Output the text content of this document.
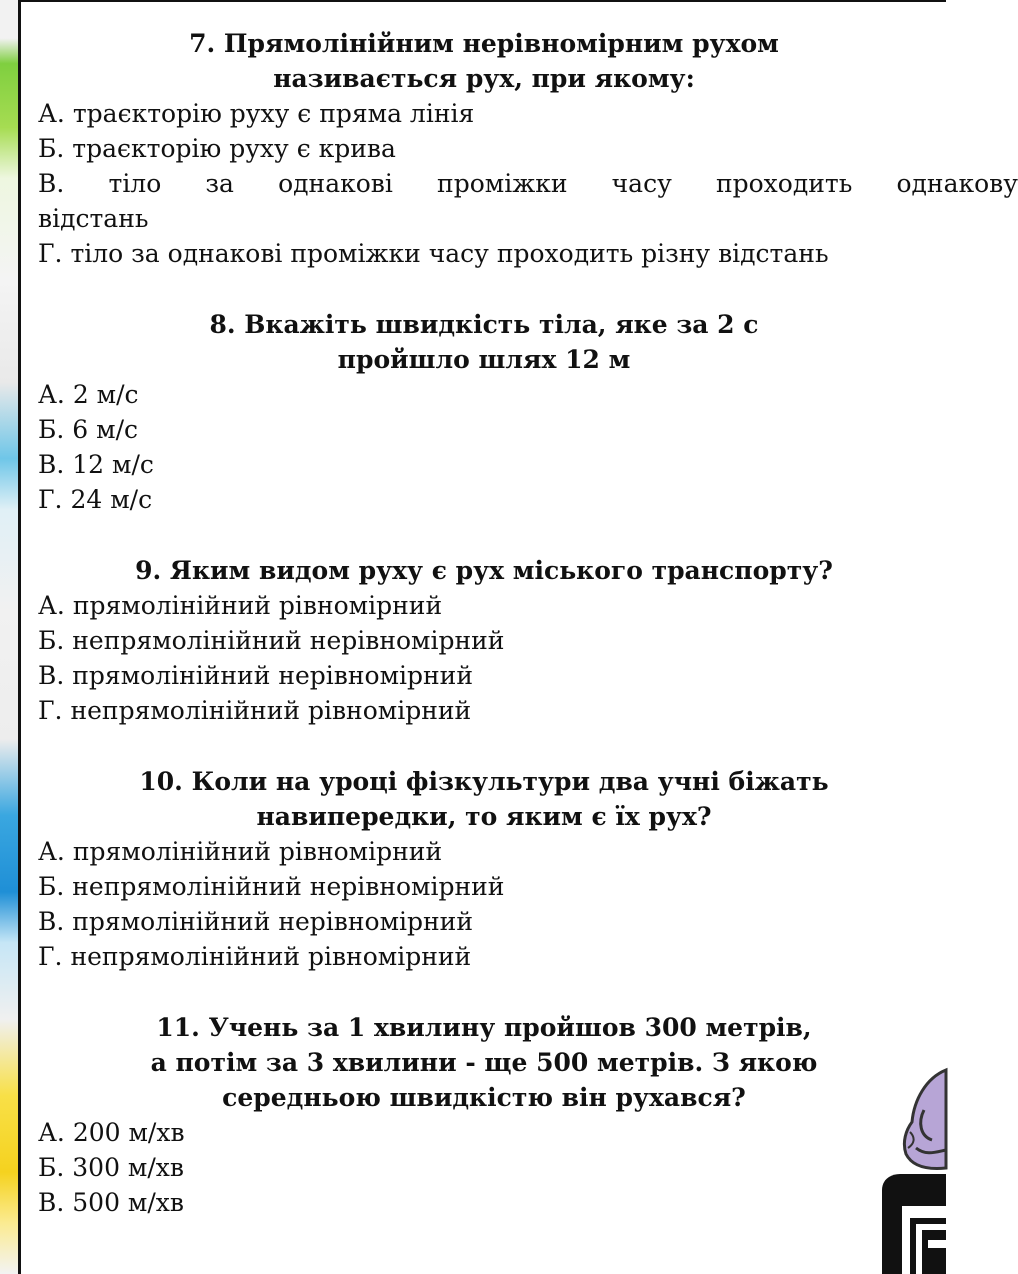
7. Прямолінійним нерівномірним рухом
називається рух, при якому:
А. траєкторію руху є пряма лінія
Б. траєкторію руху є крива
В. тіло за однакові проміжки часу проходить однакову
відстань
Г. тіло за однакові проміжки часу проходить різну відстань
8. Вкажіть швидкість тіла, яке за 2 с
пройшло шлях 12 м
А. 2 м/с
Б. 6 м/с
В. 12 м/с
Г. 24 м/с
9. Яким видом руху є рух міського транспорту?
А. прямолінійний рівномірний
Б. непрямолінійний нерівномірний
В. прямолінійний нерівномірний
Г. непрямолінійний рівномірний
10. Коли на уроці фізкультури два учні біжать
навипередки, то яким є їх рух?
А. прямолінійний рівномірний
Б. непрямолінійний нерівномірний
В. прямолінійний нерівномірний
Г. непрямолінійний рівномірний
11. Учень за 1 хвилину пройшов 300 метрів,
а потім за 3 хвилини - ще 500 метрів. З якою
середньою швидкістю він рухався?
А. 200 м/хв
Б. 300 м/хв
В. 500 м/хв
